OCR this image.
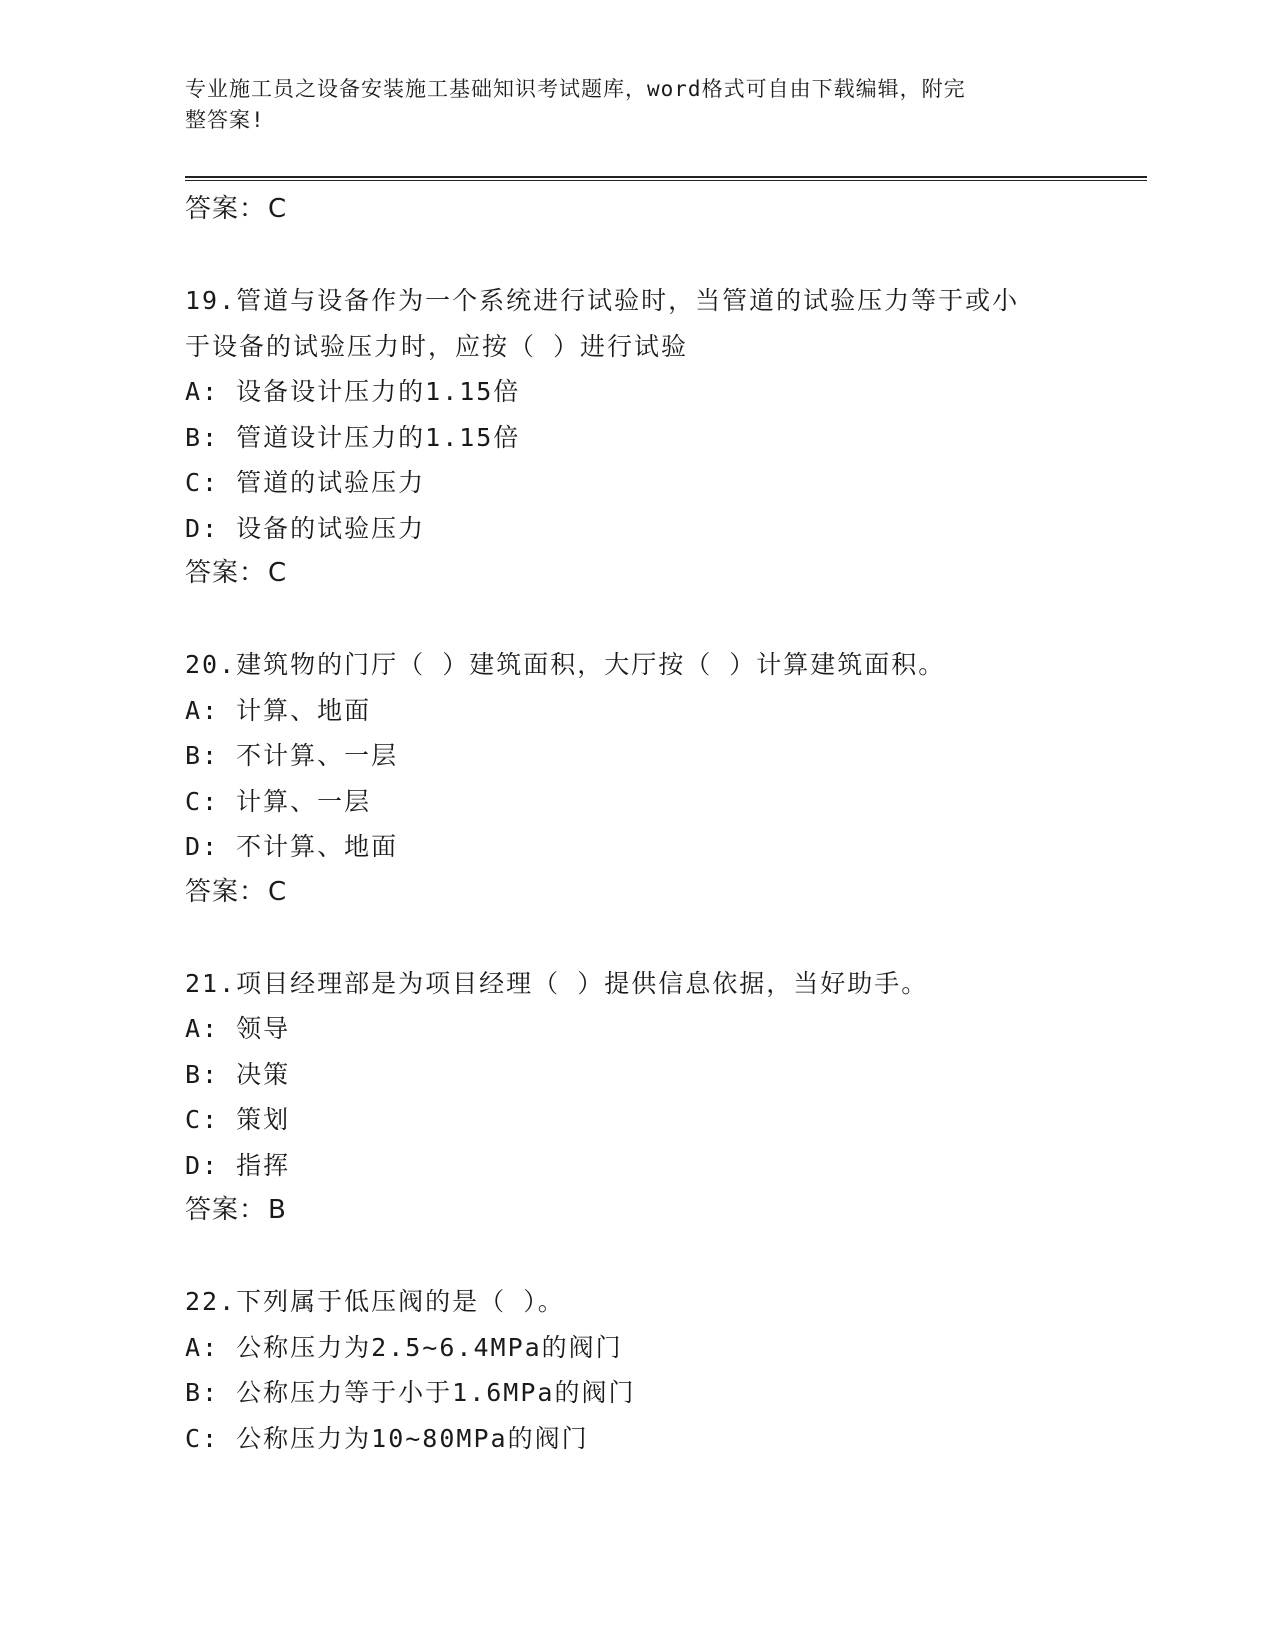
专业施工员之设备安装施工基础知识考试题库，word格式可自由下载编辑，附完
整答案!
答案：C
19.管道与设备作为一个系统进行试验时，当管道的试验压力等于或小
于设备的试验压力时，应按（ ）进行试验
A: 设备设计压力的1.15倍
B: 管道设计压力的1.15倍
C: 管道的试验压力
D: 设备的试验压力
答案：C
20.建筑物的门厅（ ）建筑面积，大厅按（ ）计算建筑面积。
A: 计算、地面
B: 不计算、一层
C: 计算、一层
D: 不计算、地面
答案：C
21.项目经理部是为项目经理（ ）提供信息依据，当好助手。
A: 领导
B: 决策
C: 策划
D: 指挥
答案：B
22.下列属于低压阀的是（ ）。
A: 公称压力为2.5~6.4MPa的阀门
B: 公称压力等于小于1.6MPa的阀门
C: 公称压力为10~80MPa的阀门
